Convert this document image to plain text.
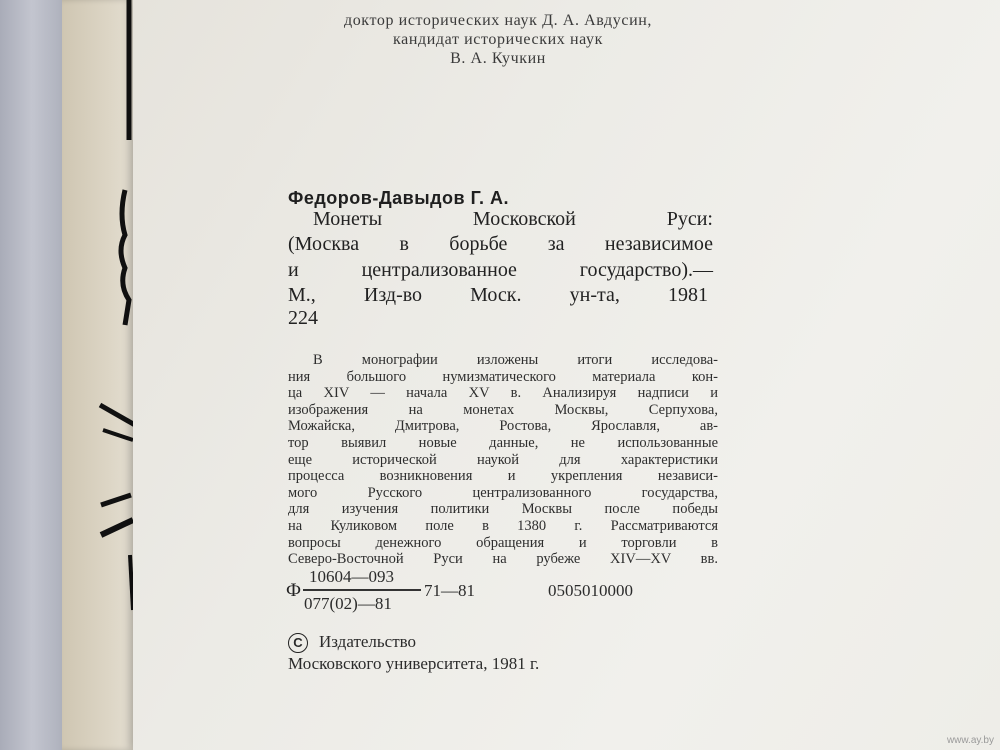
доктор исторических наук Д. А. Авдусин,
кандидат исторических наук
В. А. Кучкин
Федоров-Давыдов Г. А.
Монеты Московской Руси:
(Москва в борьбе за независимое
и централизованное государство).—
М., Изд-во Моск. ун-та, 1981
224
В монографии изложены итоги исследова-
ния большого нумизматического материала кон-
ца XIV — начала XV в. Анализируя надписи и
изображения на монетах Москвы, Серпухова,
Можайска, Дмитрова, Ростова, Ярославля, ав-
тор выявил новые данные, не использованные
еще исторической наукой для характеристики
процесса возникновения и укрепления независи-
мого Русского централизованного государства,
для изучения политики Москвы после победы
на Куликовом поле в 1380 г. Рассматриваются
вопросы денежного обращения и торговли в
Северо-Восточной Руси на рубеже XIV—XV вв.
Ф
10604—093
077(02)—81
71—81	0505010000
C Издательство
Московского университета, 1981 г.
www.ay.by
